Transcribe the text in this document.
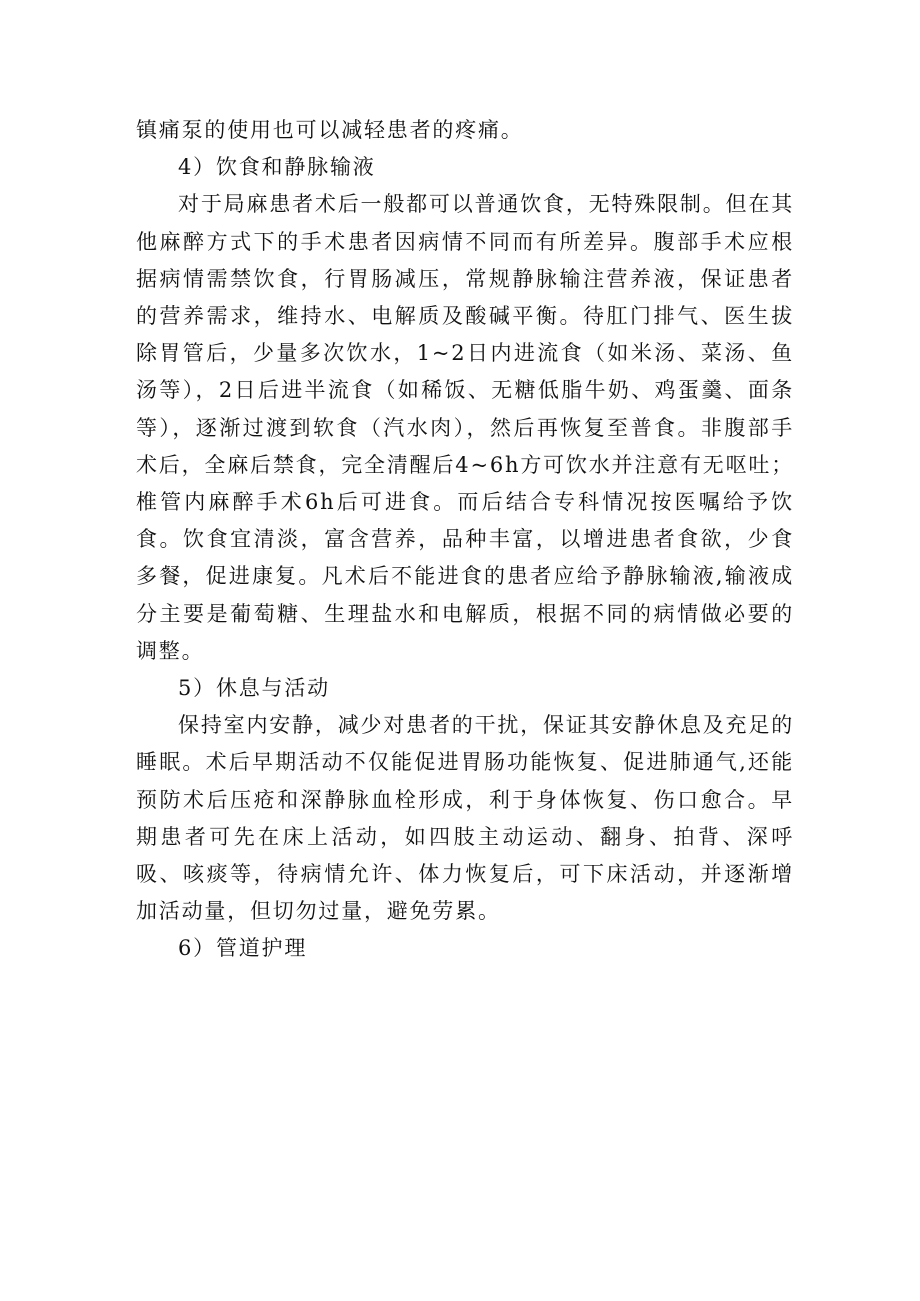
镇痛泵的使用也可以减轻患者的疼痛。

4）饮食和静脉输液

对于局麻患者术后一般都可以普通饮食，无特殊限制。但在其他麻醉方式下的手术患者因病情不同而有所差异。腹部手术应根据病情需禁饮食，行胃肠减压，常规静脉输注营养液，保证患者的营养需求，维持水、电解质及酸碱平衡。待肛门排气、医生拔除胃管后，少量多次饮水，1~2日内进流食（如米汤、菜汤、鱼汤等），2日后进半流食（如稀饭、无糖低脂牛奶、鸡蛋羹、面条等），逐渐过渡到软食（汽水肉），然后再恢复至普食。非腹部手术后，全麻后禁食，完全清醒后4~6h方可饮水并注意有无呕吐；椎管内麻醉手术6h后可进食。而后结合专科情况按医嘱给予饮食。饮食宜清淡，富含营养，品种丰富，以增进患者食欲，少食多餐，促进康复。凡术后不能进食的患者应给予静脉输液,输液成分主要是葡萄糖、生理盐水和电解质，根据不同的病情做必要的调整。

5）休息与活动

保持室内安静，减少对患者的干扰，保证其安静休息及充足的睡眠。术后早期活动不仅能促进胃肠功能恢复、促进肺通气,还能预防术后压疮和深静脉血栓形成，利于身体恢复、伤口愈合。早期患者可先在床上活动，如四肢主动运动、翻身、拍背、深呼吸、咳痰等，待病情允许、体力恢复后，可下床活动，并逐渐增加活动量，但切勿过量，避免劳累。

6）管道护理
